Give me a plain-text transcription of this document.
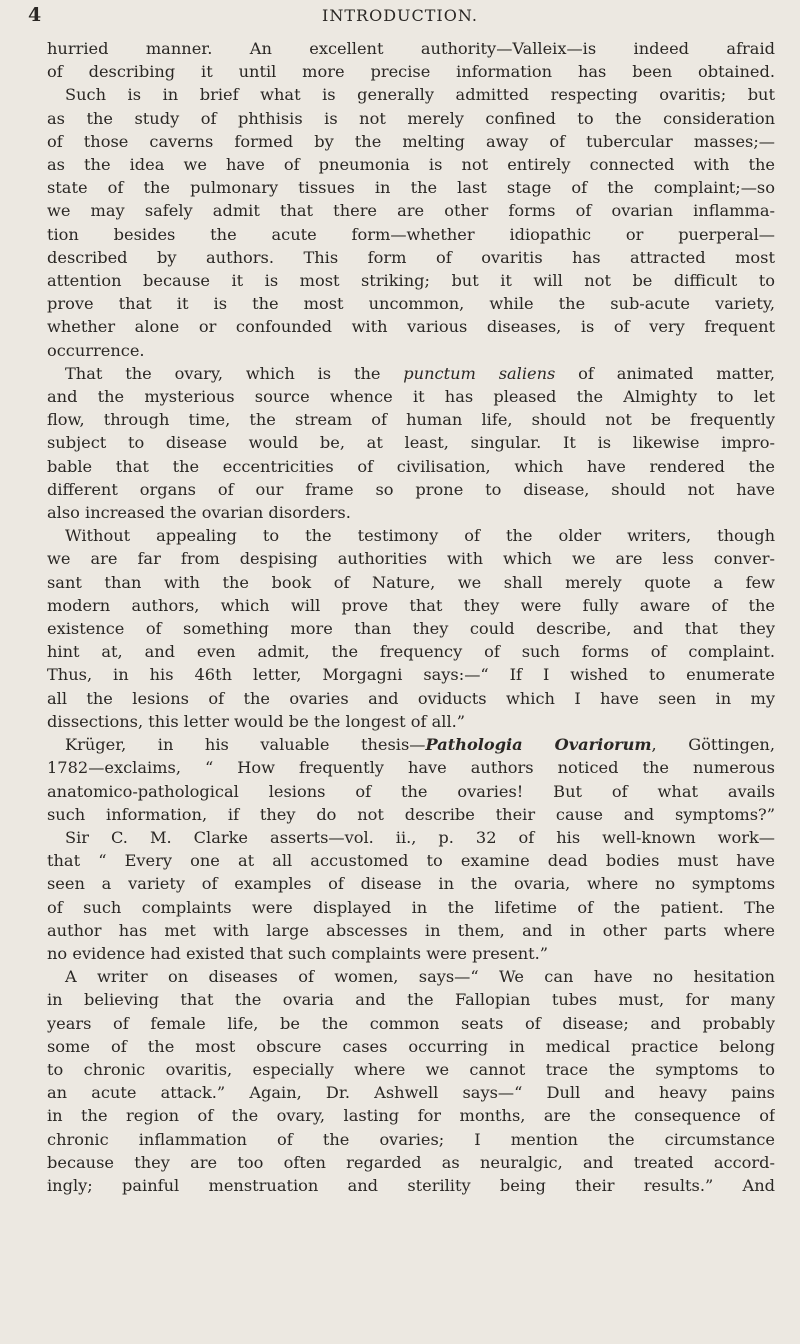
4	INTRODUCTION.
hurried manner. An excellent authority—Valleix—is indeed afraid
of describing it until more precise information has been obtained.
Such is in brief what is generally admitted respecting ovaritis; but
as the study of phthisis is not merely confined to the consideration
of those caverns formed by the melting away of tubercular masses;—
as the idea we have of pneumonia is not entirely connected with the
state of the pulmonary tissues in the last stage of the complaint;—so
we may safely admit that there are other forms of ovarian inflamma-
tion besides the acute form—whether idiopathic or puerperal—
described by authors. This form of ovaritis has attracted most
attention because it is most striking; but it will not be difficult to
prove that it is the most uncommon, while the sub-acute variety,
whether alone or confounded with various diseases, is of very frequent
occurrence.
That the ovary, which is the punctum saliens of animated matter,
and the mysterious source whence it has pleased the Almighty to let
flow, through time, the stream of human life, should not be frequently
subject to disease would be, at least, singular. It is likewise impro-
bable that the eccentricities of civilisation, which have rendered the
different organs of our frame so prone to disease, should not have
also increased the ovarian disorders.
Without appealing to the testimony of the older writers, though
we are far from despising authorities with which we are less conver-
sant than with the book of Nature, we shall merely quote a few
modern authors, which will prove that they were fully aware of the
existence of something more than they could describe, and that they
hint at, and even admit, the frequency of such forms of complaint.
Thus, in his 46th letter, Morgagni says:—“ If I wished to enumerate
all the lesions of the ovaries and oviducts which I have seen in my
dissections, this letter would be the longest of all.”
Krüger, in his valuable thesis—Pathologia Ovariorum, Göttingen,
1782—exclaims, “ How frequently have authors noticed the numerous
anatomico-pathological lesions of the ovaries! But of what avails
such information, if they do not describe their cause and symptoms?”
Sir C. M. Clarke asserts—vol. ii., p. 32 of his well-known work—
that “ Every one at all accustomed to examine dead bodies must have
seen a variety of examples of disease in the ovaria, where no symptoms
of such complaints were displayed in the lifetime of the patient. The
author has met with large abscesses in them, and in other parts where
no evidence had existed that such complaints were present.”
A writer on diseases of women, says—“ We can have no hesitation
in believing that the ovaria and the Fallopian tubes must, for many
years of female life, be the common seats of disease; and probably
some of the most obscure cases occurring in medical practice belong
to chronic ovaritis, especially where we cannot trace the symptoms to
an acute attack.” Again, Dr. Ashwell says—“ Dull and heavy pains
in the region of the ovary, lasting for months, are the consequence of
chronic inflammation of the ovaries; I mention the circumstance
because they are too often regarded as neuralgic, and treated accord-
ingly; painful menstruation and sterility being their results.” And
